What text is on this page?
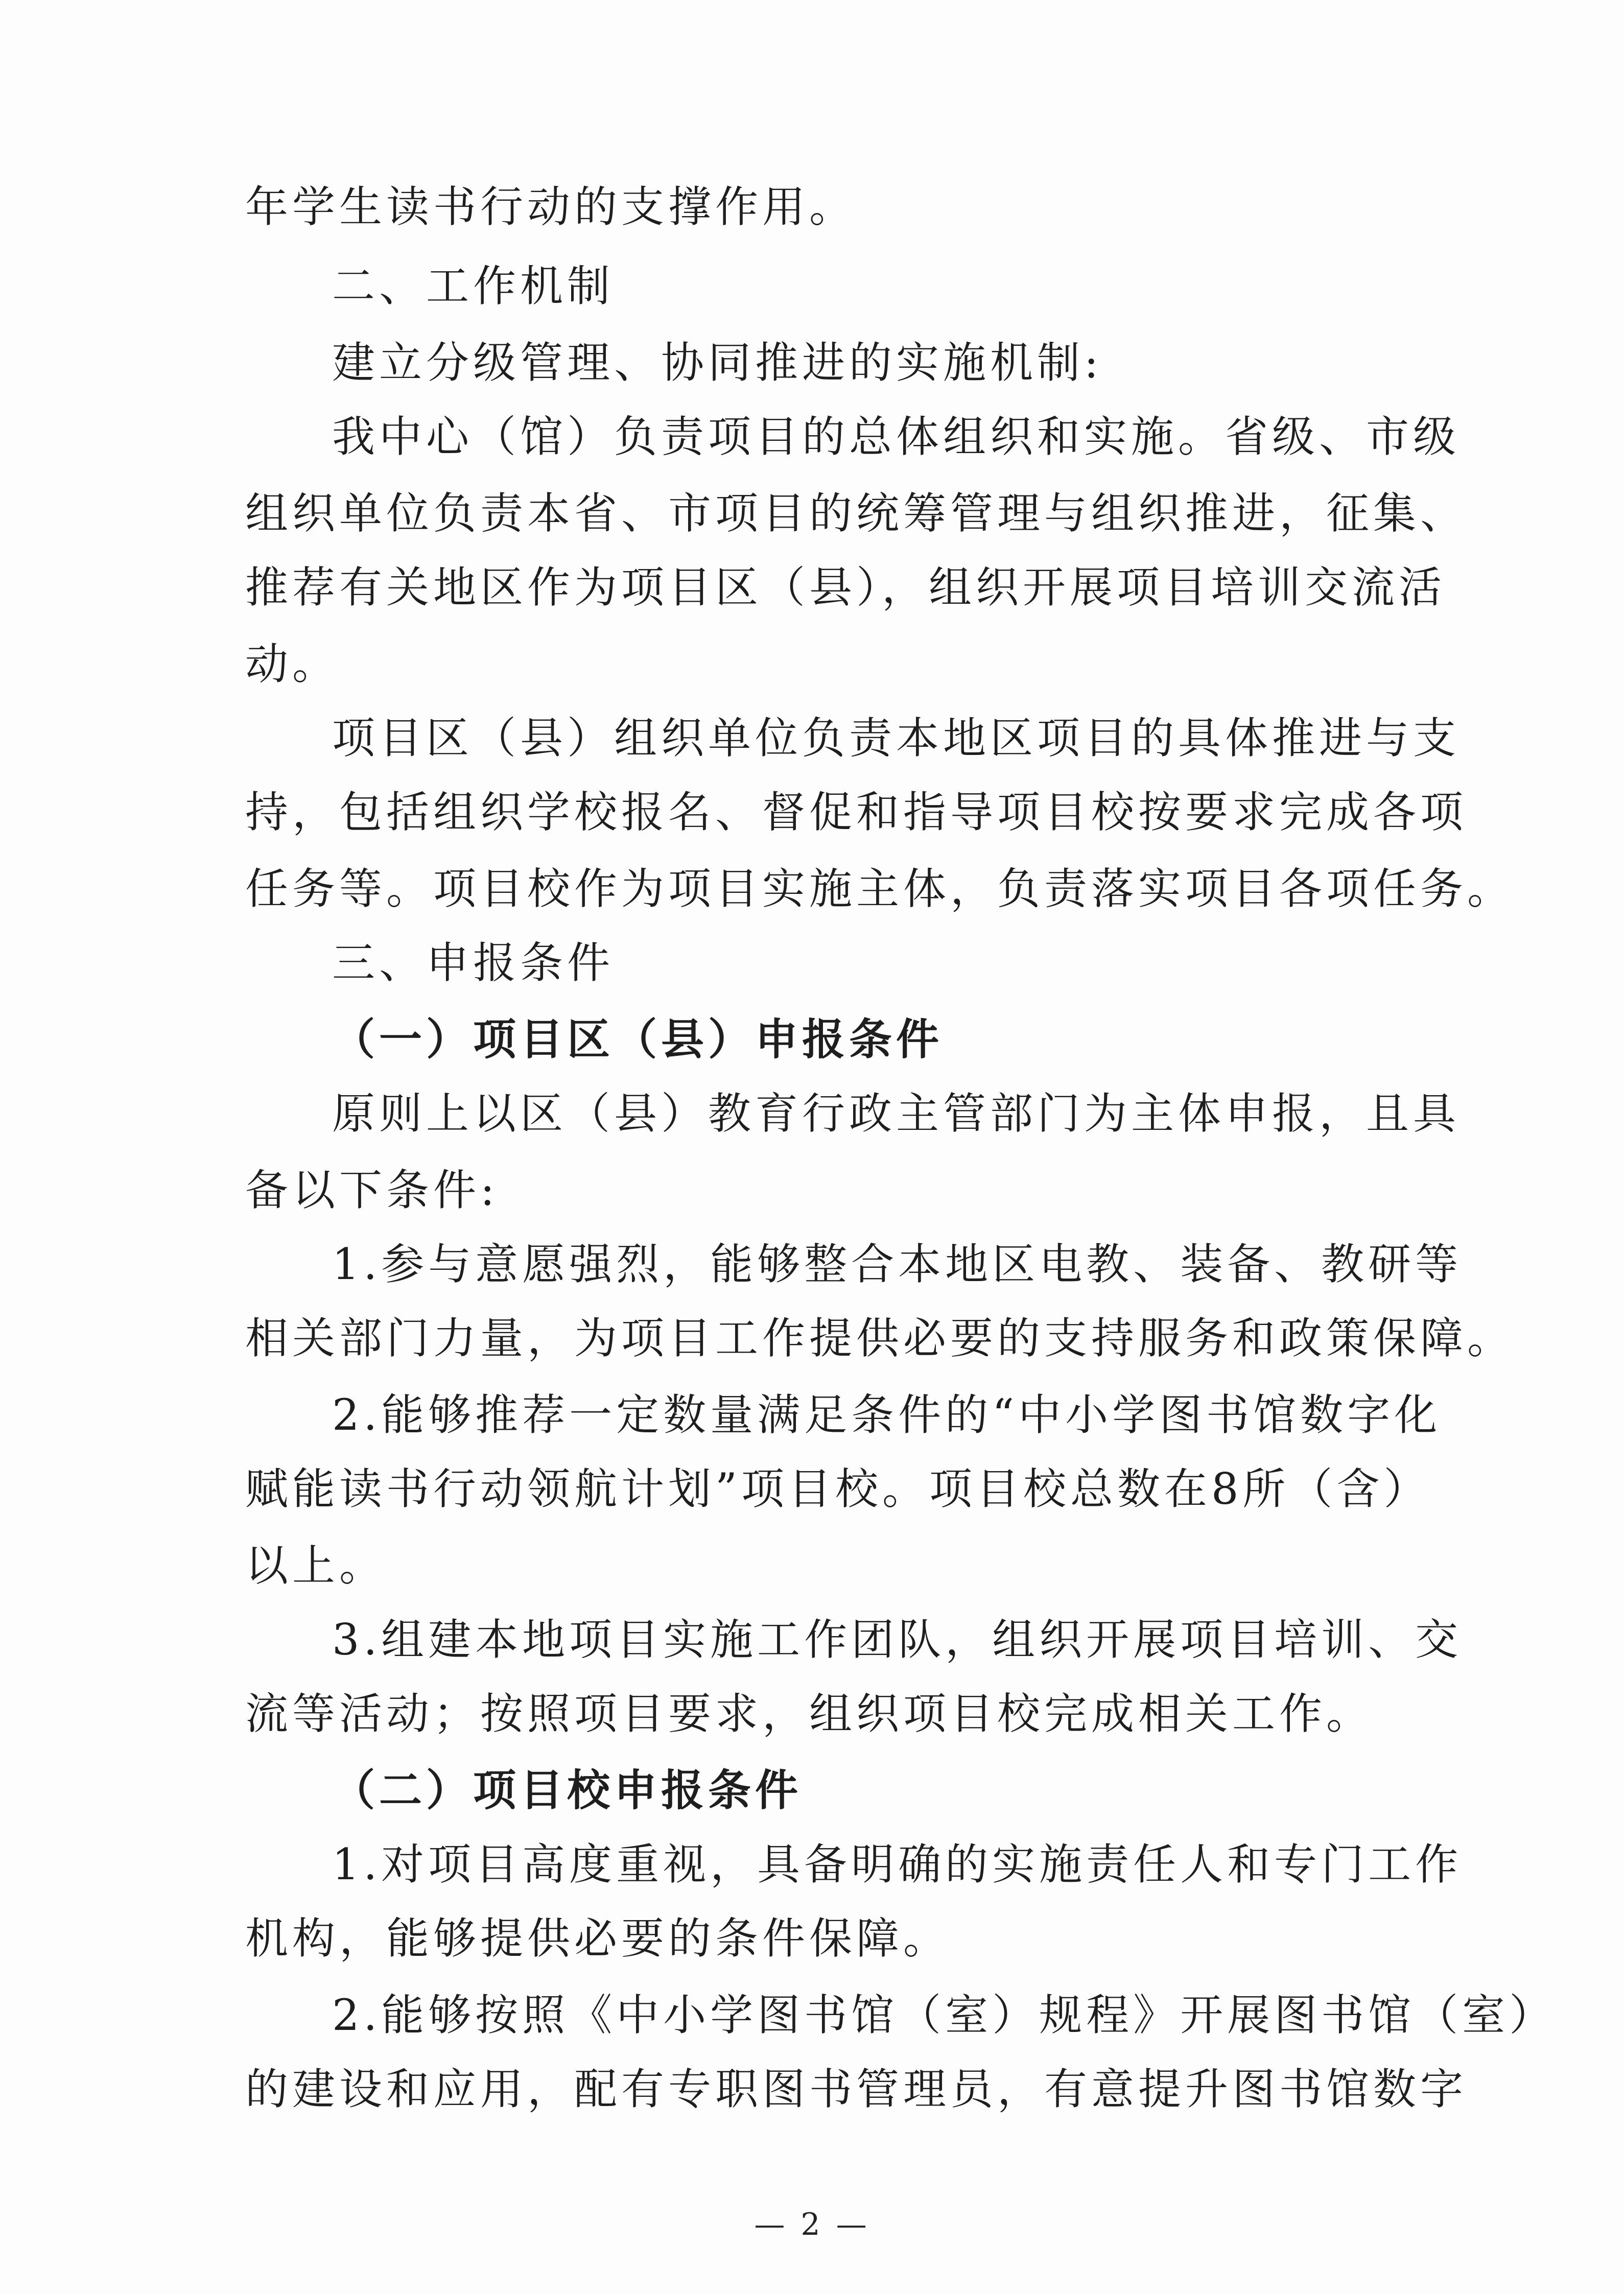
年学生读书行动的支撑作用。

二、工作机制

建立分级管理、协同推进的实施机制:

我中心（馆）负责项目的总体组织和实施。省级、市级

组织单位负责本省、市项目的统筹管理与组织推进，征集、

推荐有关地区作为项目区（县），组织开展项目培训交流活

动。

项目区（县）组织单位负责本地区项目的具体推进与支

持，包括组织学校报名、督促和指导项目校按要求完成各项

任务等。项目校作为项目实施主体，负责落实项目各项任务。

三、申报条件

（一）项目区（县）申报条件

原则上以区（县）教育行政主管部门为主体申报，且具

备以下条件:

1.参与意愿强烈，能够整合本地区电教、装备、教研等

相关部门力量，为项目工作提供必要的支持服务和政策保障。

2.能够推荐一定数量满足条件的“中小学图书馆数字化

赋能读书行动领航计划”项目校。项目校总数在8所（含）

以上。

3.组建本地项目实施工作团队，组织开展项目培训、交

流等活动；按照项目要求，组织项目校完成相关工作。

（二）项目校申报条件

1.对项目高度重视，具备明确的实施责任人和专门工作

机构，能够提供必要的条件保障。

2.能够按照《中小学图书馆（室）规程》开展图书馆（室）

的建设和应用，配有专职图书管理员，有意提升图书馆数字

— 2 —
